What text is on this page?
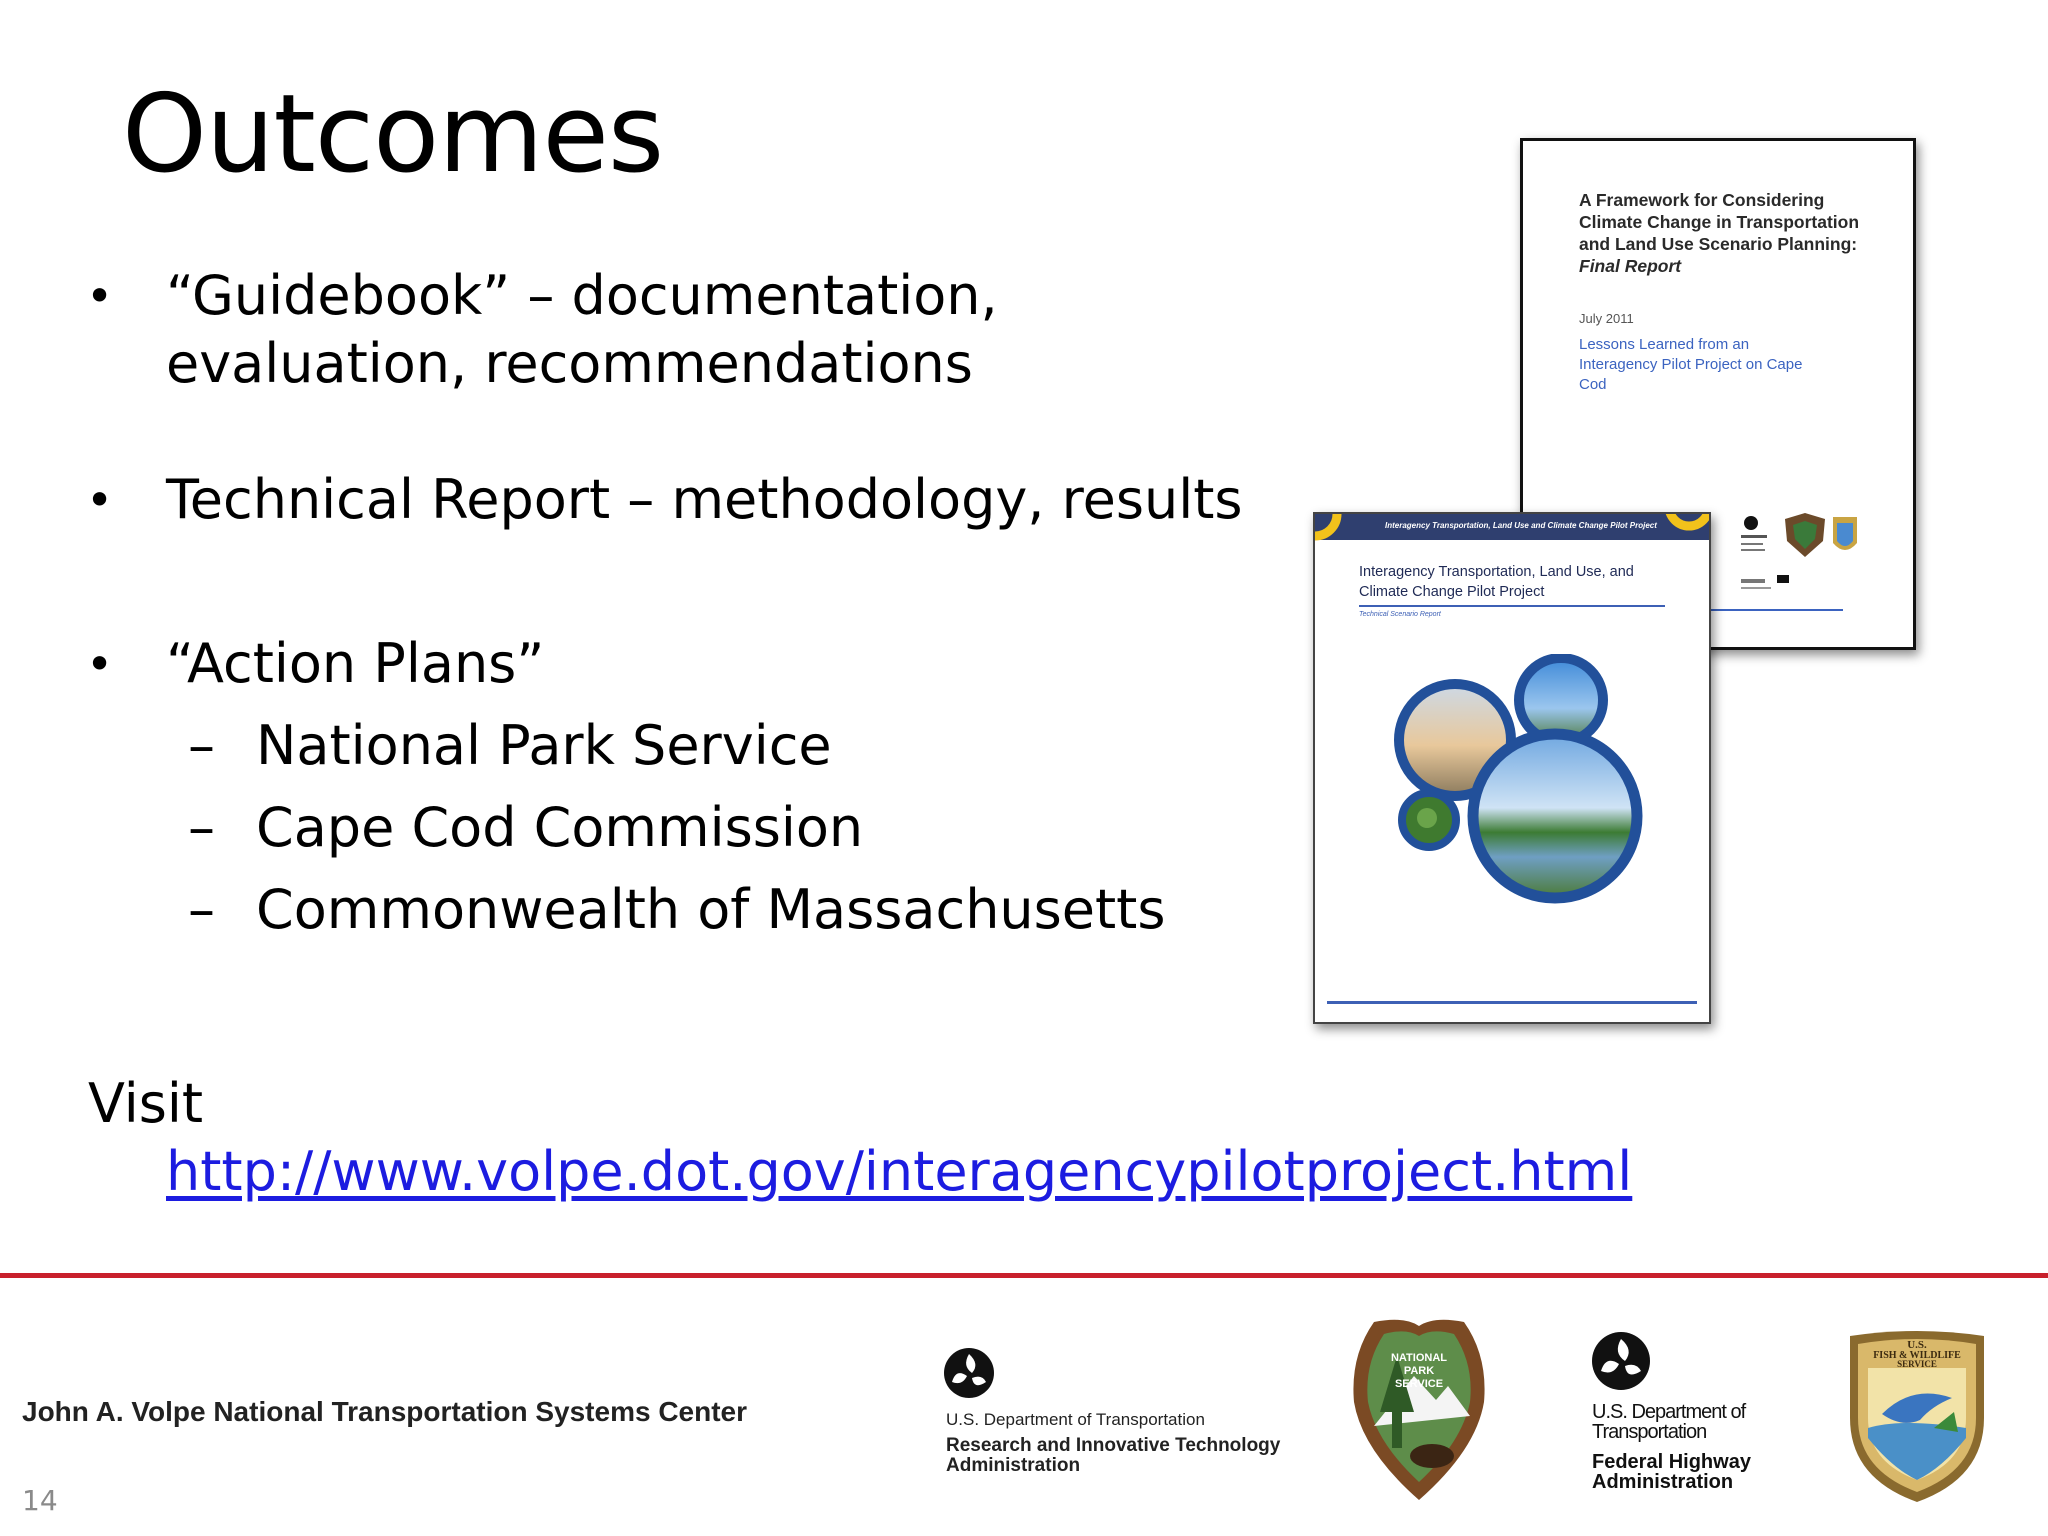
Outcomes
• “Guidebook” – documentation, evaluation, recommendations
• Technical Report – methodology, results
• “Action Plans”
– National Park Service
– Cape Cod Commission
– Commonwealth of Massachusetts
Visit
http://www.volpe.dot.gov/interagencypilotproject.html
A Framework for Considering Climate Change in Transportation and Land Use Scenario Planning: Final Report
July 2011
Lessons Learned from an Interagency Pilot Project on Cape Cod
Interagency Transportation, Land Use and Climate Change Pilot Project
Interagency Transportation, Land Use, and Climate Change Pilot Project
Technical Scenario Report
John A. Volpe National Transportation Systems Center	U.S. Department of Transportation
Research and Innovative Technology Administration
NATIONAL
PARK
SERVICE
U.S. Department of Transportation
Federal Highway Administration
U.S.
FISH & WILDLIFE
SERVICE
14
